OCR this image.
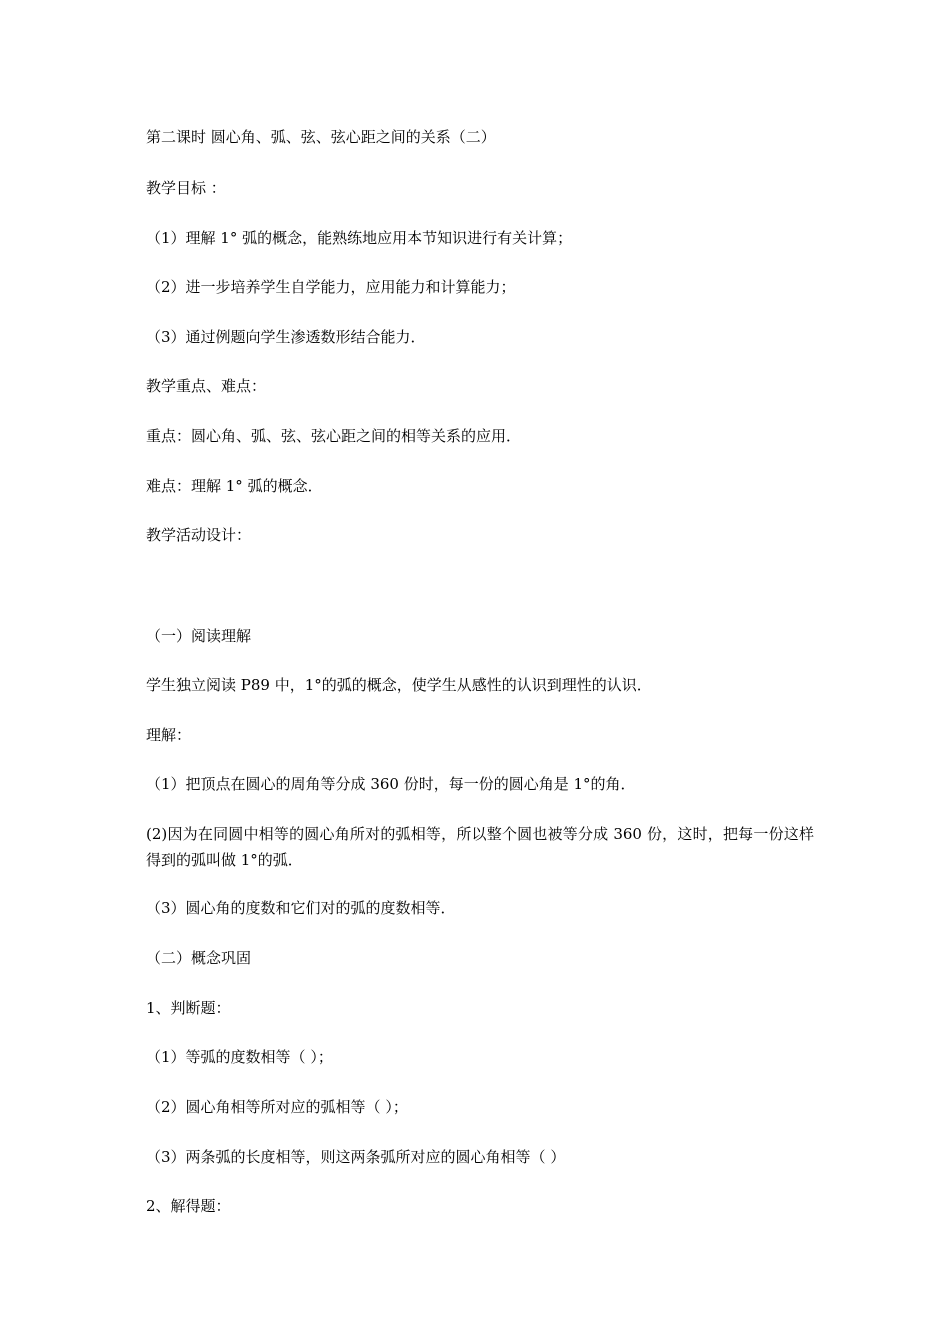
第二课时 圆心角、弧、弦、弦心距之间的关系（二）
教学目标 ：
（1）理解 1° 弧的概念，能熟练地应用本节知识进行有关计算；
（2）进一步培养学生自学能力，应用能力和计算能力；
（3）通过例题向学生渗透数形结合能力．
教学重点、难点：
重点：圆心角、弧、弦、弦心距之间的相等关系的应用．
难点：理解 1° 弧的概念．
教学活动设计：
（一）阅读理解
学生独立阅读 P89 中，1°的弧的概念，使学生从感性的认识到理性的认识．
理解：
（1）把顶点在圆心的周角等分成 360 份时，每一份的圆心角是 1°的角．
(2)因为在同圆中相等的圆心角所对的弧相等，所以整个圆也被等分成 360 份，这时，把每一份这样得到的弧叫做 1°的弧．
（3）圆心角的度数和它们对的弧的度数相等．
（二）概念巩固
1、判断题：
（1）等弧的度数相等（ ）；
（2）圆心角相等所对应的弧相等（ ）；
（3）两条弧的长度相等，则这两条弧所对应的圆心角相等（ ）
2、解得题：
